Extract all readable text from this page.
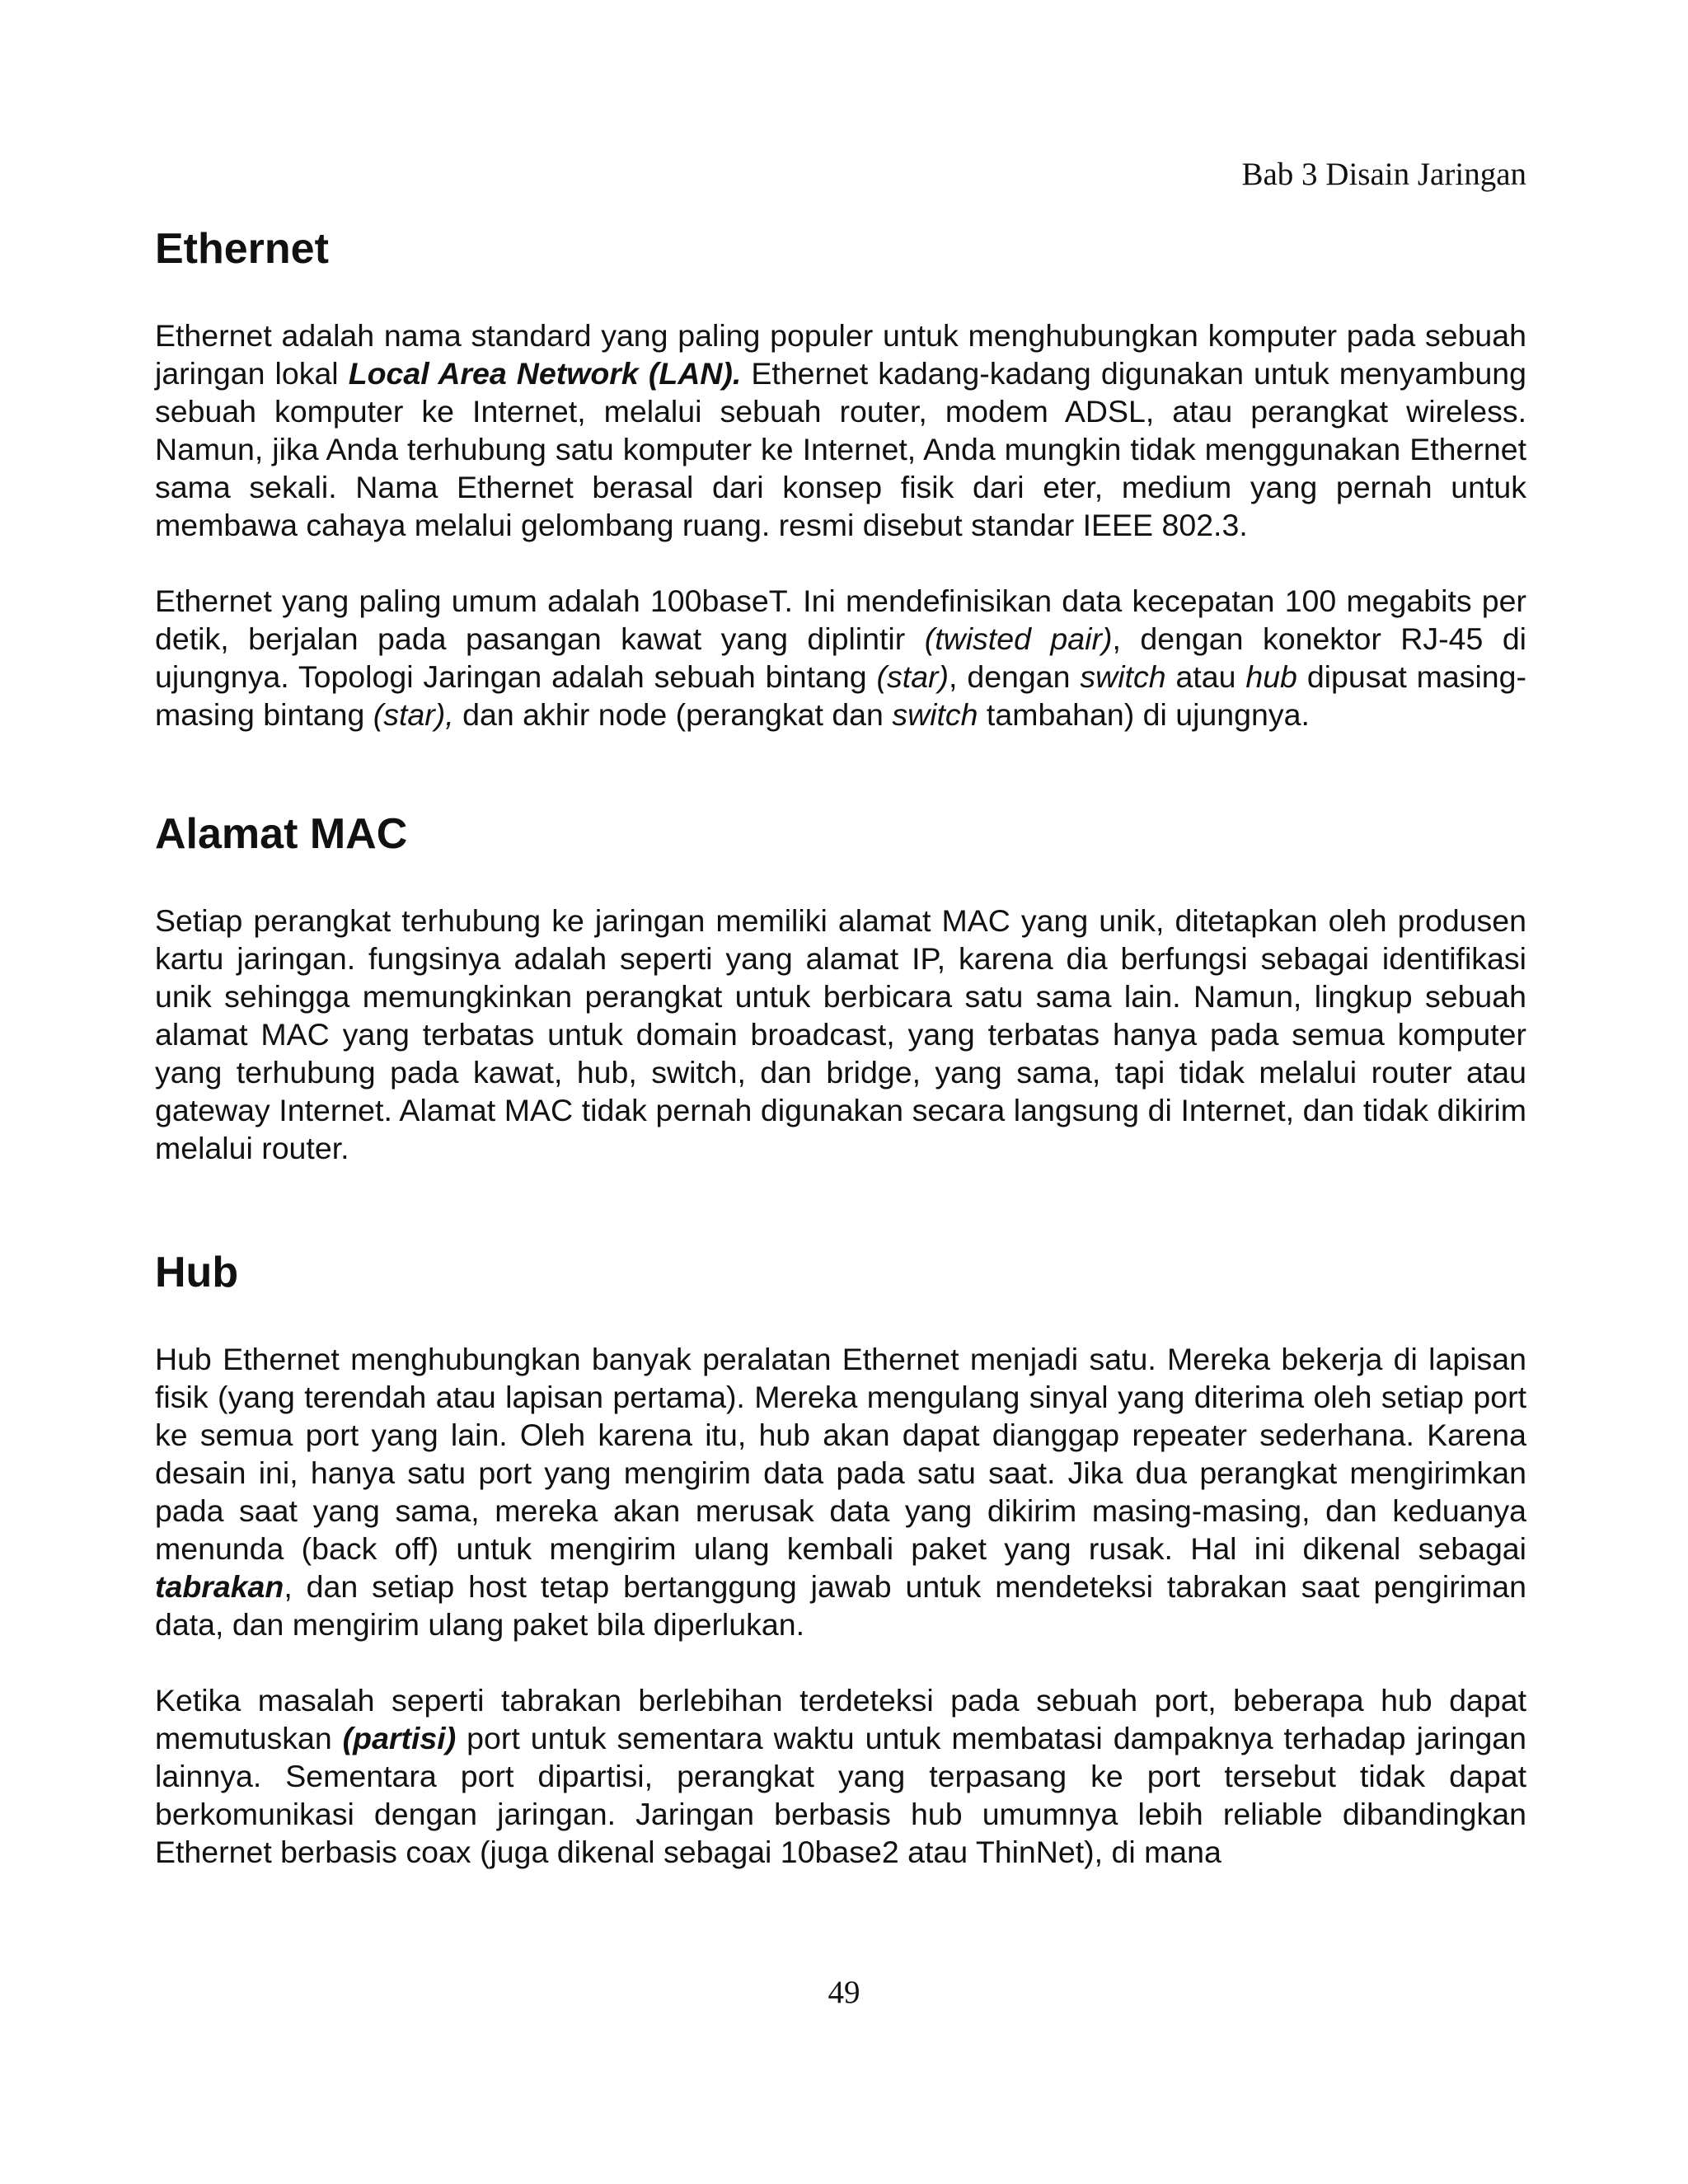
Bab 3 Disain Jaringan
Ethernet

Ethernet adalah nama standard yang paling populer untuk menghubungkan komputer pada sebuah jaringan lokal Local Area Network (LAN). Ethernet kadang-kadang digunakan untuk menyambung sebuah komputer ke Internet, melalui sebuah router, modem ADSL, atau perangkat wireless. Namun, jika Anda terhubung satu komputer ke Internet, Anda mungkin tidak menggunakan Ethernet sama sekali. Nama Ethernet berasal dari konsep fisik dari eter, medium yang pernah untuk membawa cahaya melalui gelombang ruang. resmi disebut standar IEEE 802.3.

Ethernet yang paling umum adalah 100baseT. Ini mendefinisikan data kecepatan 100 megabits per detik, berjalan pada pasangan kawat yang diplintir (twisted pair), dengan konektor RJ-45 di ujungnya. Topologi Jaringan adalah sebuah bintang (star), dengan switch atau hub dipusat masing-masing bintang (star), dan akhir node (perangkat dan switch tambahan) di ujungnya.

Alamat MAC

Setiap perangkat terhubung ke jaringan memiliki alamat MAC yang unik, ditetapkan oleh produsen kartu jaringan. fungsinya adalah seperti yang alamat IP, karena dia berfungsi sebagai identifikasi unik sehingga memungkinkan perangkat untuk berbicara satu sama lain. Namun, lingkup sebuah alamat MAC yang terbatas untuk domain broadcast, yang terbatas hanya pada semua komputer yang terhubung pada kawat, hub, switch, dan bridge, yang sama, tapi tidak melalui router atau gateway Internet. Alamat MAC tidak pernah digunakan secara langsung di Internet, dan tidak dikirim melalui router.

Hub

Hub Ethernet menghubungkan banyak peralatan Ethernet menjadi satu. Mereka bekerja di lapisan fisik (yang terendah atau lapisan pertama). Mereka mengulang sinyal yang diterima oleh setiap port ke semua port yang lain. Oleh karena itu, hub akan dapat dianggap repeater sederhana. Karena desain ini, hanya satu port yang mengirim data pada satu saat. Jika dua perangkat mengirimkan pada saat yang sama, mereka akan merusak data yang dikirim masing-masing, dan keduanya menunda (back off) untuk mengirim ulang kembali paket yang rusak. Hal ini dikenal sebagai tabrakan, dan setiap host tetap bertanggung jawab untuk mendeteksi tabrakan saat pengiriman data, dan mengirim ulang paket bila diperlukan.

Ketika masalah seperti tabrakan berlebihan terdeteksi pada sebuah port, beberapa hub dapat memutuskan (partisi) port untuk sementara waktu untuk membatasi dampaknya terhadap jaringan lainnya. Sementara port dipartisi, perangkat yang terpasang ke port tersebut tidak dapat berkomunikasi dengan jaringan. Jaringan berbasis hub umumnya lebih reliable dibandingkan Ethernet berbasis coax (juga dikenal sebagai 10base2 atau ThinNet), di mana

49
